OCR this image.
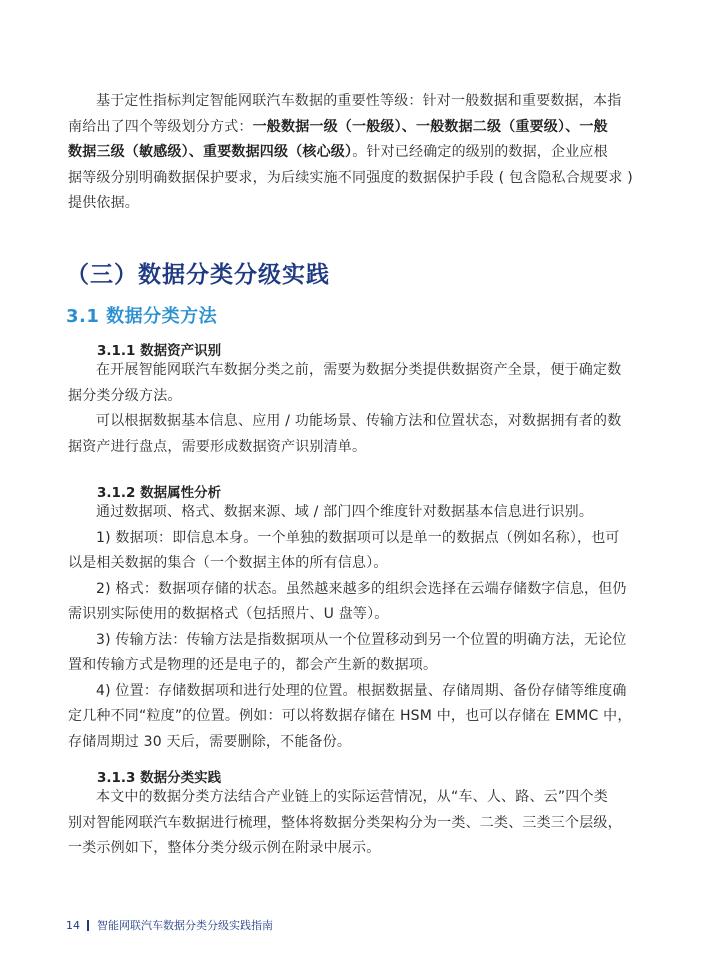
基于定性指标判定智能网联汽车数据的重要性等级：针对一般数据和重要数据，本指
南给出了四个等级划分方式：一般数据一级（一般级）、一般数据二级（重要级）、一般
数据三级（敏感级）、重要数据四级（核心级）。针对已经确定的级别的数据，企业应根
据等级分别明确数据保护要求，为后续实施不同强度的数据保护手段 ( 包含隐私合规要求 )
提供依据。

（三）数据分类分级实践
3.1 数据分类方法
3.1.1 数据资产识别

在开展智能网联汽车数据分类之前，需要为数据分类提供数据资产全景，便于确定数
据分类分级方法。
可以根据数据基本信息、应用 / 功能场景、传输方法和位置状态，对数据拥有者的数
据资产进行盘点，需要形成数据资产识别清单。

3.1.2 数据属性分析

通过数据项、格式、数据来源、域 / 部门四个维度针对数据基本信息进行识别。
1) 数据项：即信息本身。一个单独的数据项可以是单一的数据点（例如名称），也可
以是相关数据的集合（一个数据主体的所有信息）。
2) 格式：数据项存储的状态。虽然越来越多的组织会选择在云端存储数字信息，但仍
需识别实际使用的数据格式（包括照片、U 盘等）。
3) 传输方法：传输方法是指数据项从一个位置移动到另一个位置的明确方法，无论位
置和传输方式是物理的还是电子的，都会产生新的数据项。
4) 位置：存储数据项和进行处理的位置。根据数据量、存储周期、备份存储等维度确
定几种不同“粒度”的位置。例如：可以将数据存储在 HSM 中，也可以存储在 EMMC 中，
存储周期过 30 天后，需要删除，不能备份。

3.1.3 数据分类实践

本文中的数据分类方法结合产业链上的实际运营情况，从“车、人、路、云”四个类
别对智能网联汽车数据进行梳理，整体将数据分类架构分为一类、二类、三类三个层级，
一类示例如下，整体分类分级示例在附录中展示。

14 智能网联汽车数据分类分级实践指南
